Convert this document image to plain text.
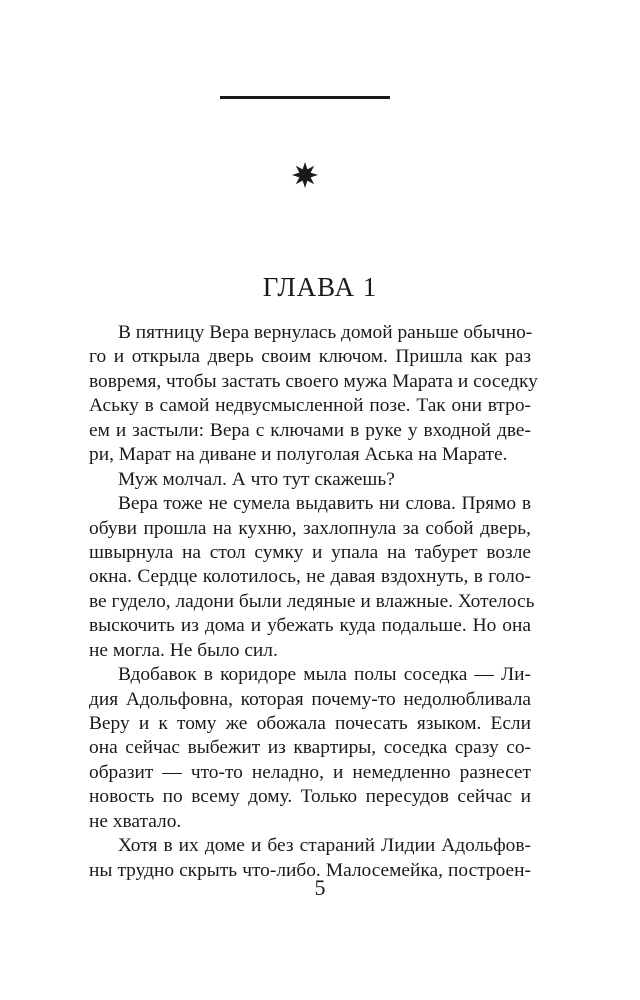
ГЛАВА 1
В пятницу Вера вернулась домой раньше обычно-
го и открыла дверь своим ключом. Пришла как раз
вовремя, чтобы застать своего мужа Марата и соседку
Аську в самой недвусмысленной позе. Так они втро-
ем и застыли: Вера с ключами в руке у входной две-
ри, Марат на диване и полуголая Аська на Марате.
Муж молчал. А что тут скажешь?
Вера тоже не сумела выдавить ни слова. Прямо в
обуви прошла на кухню, захлопнула за собой дверь,
швырнула на стол сумку и упала на табурет возле
окна. Сердце колотилось, не давая вздохнуть, в голо-
ве гудело, ладони были ледяные и влажные. Хотелось
выскочить из дома и убежать куда подальше. Но она
не могла. Не было сил.
Вдобавок в коридоре мыла полы соседка — Ли-
дия Адольфовна, которая почему-то недолюбливала
Веру и к тому же обожала почесать языком. Если
она сейчас выбежит из квартиры, соседка сразу со-
образит — что-то неладно, и немедленно разнесет
новость по всему дому. Только пересудов сейчас и
не хватало.
Хотя в их доме и без стараний Лидии Адольфов-
ны трудно скрыть что-либо. Малосемейка, построен-
5
